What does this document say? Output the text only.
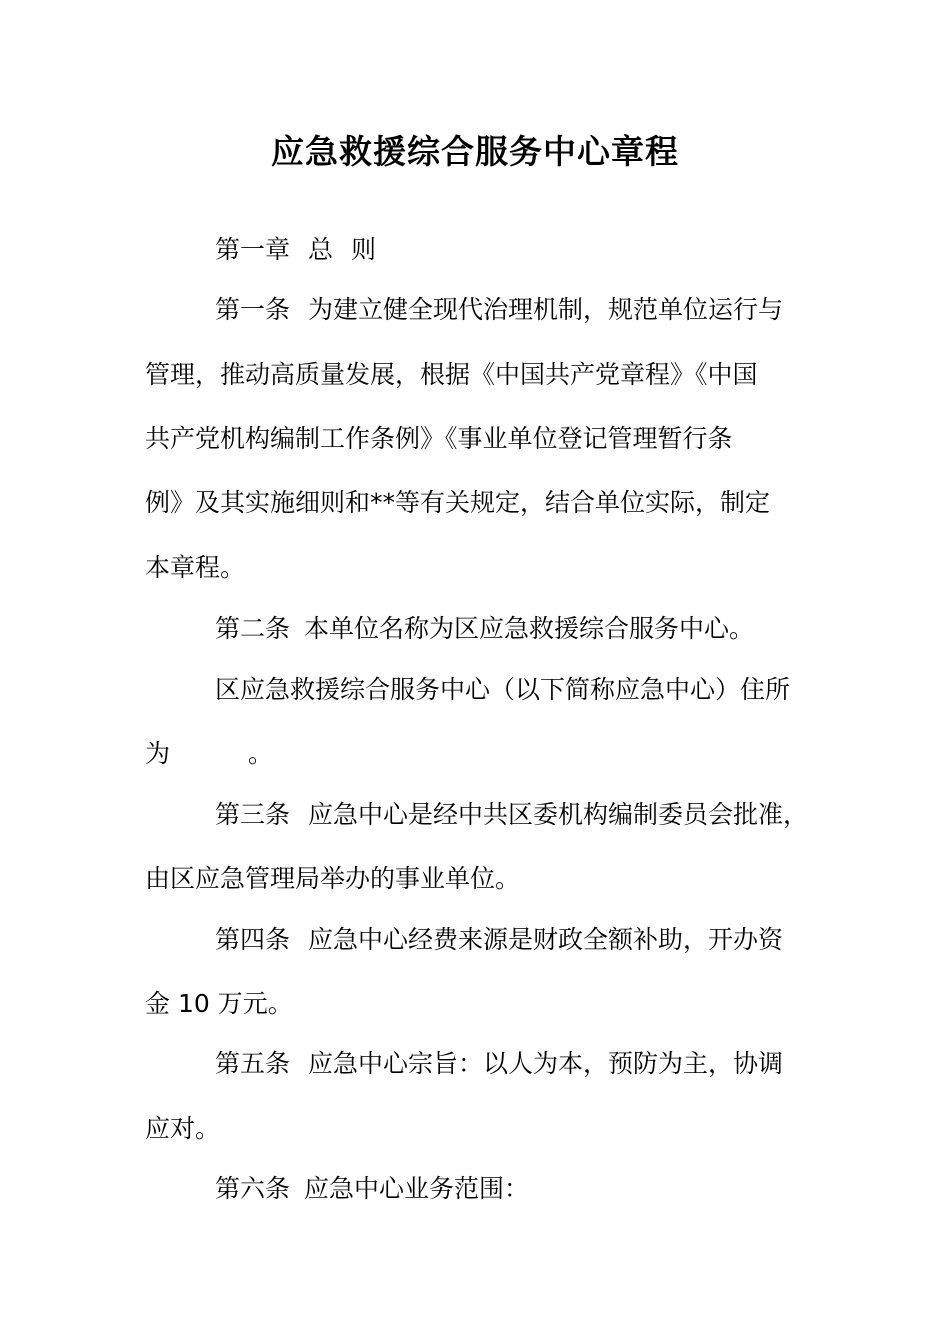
应急救援综合服务中心章程

第一章 总 则

第一条 为建立健全现代治理机制，规范单位运行与

管理，推动高质量发展，根据《中国共产党章程》《中国

共产党机构编制工作条例》《事业单位登记管理暂行条

例》及其实施细则和**等有关规定，结合单位实际，制定

本章程。

第二条 本单位名称为区应急救援综合服务中心。

区应急救援综合服务中心（以下简称应急中心）住所

为	。

第三条 应急中心是经中共区委机构编制委员会批准，

由区应急管理局举办的事业单位。

第四条 应急中心经费来源是财政全额补助，开办资

金 10 万元。

第五条 应急中心宗旨：以人为本，预防为主，协调

应对。

第六条 应急中心业务范围：
